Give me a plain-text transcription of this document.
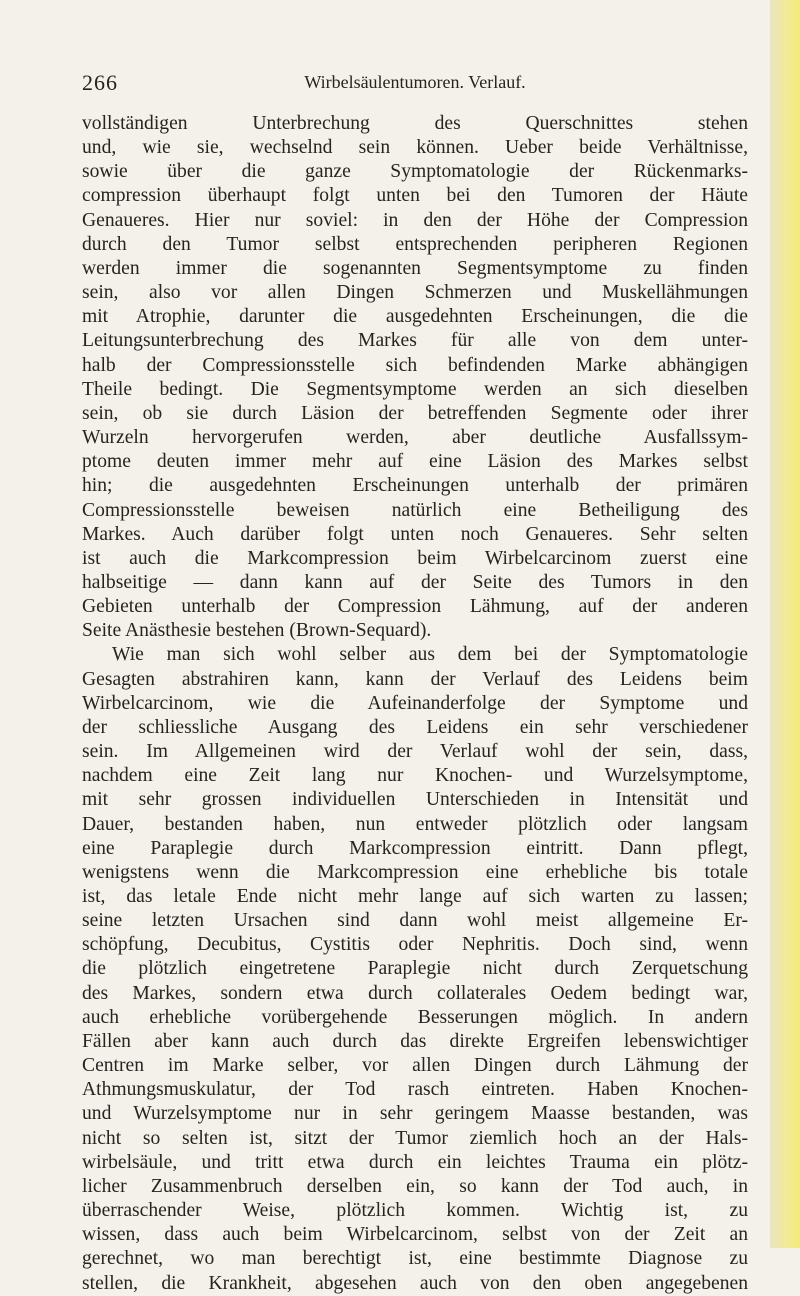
266	Wirbelsäulentumoren. Verlauf.
vollständigen Unterbrechung des Querschnittes stehen
und, wie sie, wechselnd sein können. Ueber beide Verhältnisse,
sowie über die ganze Symptomatologie der Rückenmarks-
compression überhaupt folgt unten bei den Tumoren der Häute
Genaueres. Hier nur soviel: in den der Höhe der Compression
durch den Tumor selbst entsprechenden peripheren Regionen
werden immer die sogenannten Segmentsymptome zu finden
sein, also vor allen Dingen Schmerzen und Muskellähmungen
mit Atrophie, darunter die ausgedehnten Erscheinungen, die die
Leitungsunterbrechung des Markes für alle von dem unter-
halb der Compressionsstelle sich befindenden Marke abhängigen
Theile bedingt. Die Segmentsymptome werden an sich dieselben
sein, ob sie durch Läsion der betreffenden Segmente oder ihrer
Wurzeln hervorgerufen werden, aber deutliche Ausfallssym-
ptome deuten immer mehr auf eine Läsion des Markes selbst
hin; die ausgedehnten Erscheinungen unterhalb der primären
Compressionsstelle beweisen natürlich eine Betheiligung des
Markes. Auch darüber folgt unten noch Genaueres. Sehr selten
ist auch die Markcompression beim Wirbelcarcinom zuerst eine
halbseitige — dann kann auf der Seite des Tumors in den
Gebieten unterhalb der Compression Lähmung, auf der anderen
Seite Anästhesie bestehen (Brown-Sequard).
Wie man sich wohl selber aus dem bei der Symptomatologie
Gesagten abstrahiren kann, kann der Verlauf des Leidens beim
Wirbelcarcinom, wie die Aufeinanderfolge der Symptome und
der schliessliche Ausgang des Leidens ein sehr verschiedener
sein. Im Allgemeinen wird der Verlauf wohl der sein, dass,
nachdem eine Zeit lang nur Knochen- und Wurzelsymptome,
mit sehr grossen individuellen Unterschieden in Intensität und
Dauer, bestanden haben, nun entweder plötzlich oder langsam
eine Paraplegie durch Markcompression eintritt. Dann pflegt,
wenigstens wenn die Markcompression eine erhebliche bis totale
ist, das letale Ende nicht mehr lange auf sich warten zu lassen;
seine letzten Ursachen sind dann wohl meist allgemeine Er-
schöpfung, Decubitus, Cystitis oder Nephritis. Doch sind, wenn
die plötzlich eingetretene Paraplegie nicht durch Zerquetschung
des Markes, sondern etwa durch collaterales Oedem bedingt war,
auch erhebliche vorübergehende Besserungen möglich. In andern
Fällen aber kann auch durch das direkte Ergreifen lebenswichtiger
Centren im Marke selber, vor allen Dingen durch Lähmung der
Athmungsmuskulatur, der Tod rasch eintreten. Haben Knochen-
und Wurzelsymptome nur in sehr geringem Maasse bestanden, was
nicht so selten ist, sitzt der Tumor ziemlich hoch an der Hals-
wirbelsäule, und tritt etwa durch ein leichtes Trauma ein plötz-
licher Zusammenbruch derselben ein, so kann der Tod auch, in
überraschender Weise, plötzlich kommen. Wichtig ist, zu
wissen, dass auch beim Wirbelcarcinom, selbst von der Zeit an
gerechnet, wo man berechtigt ist, eine bestimmte Diagnose zu
stellen, die Krankheit, abgesehen auch von den oben angegebenen
